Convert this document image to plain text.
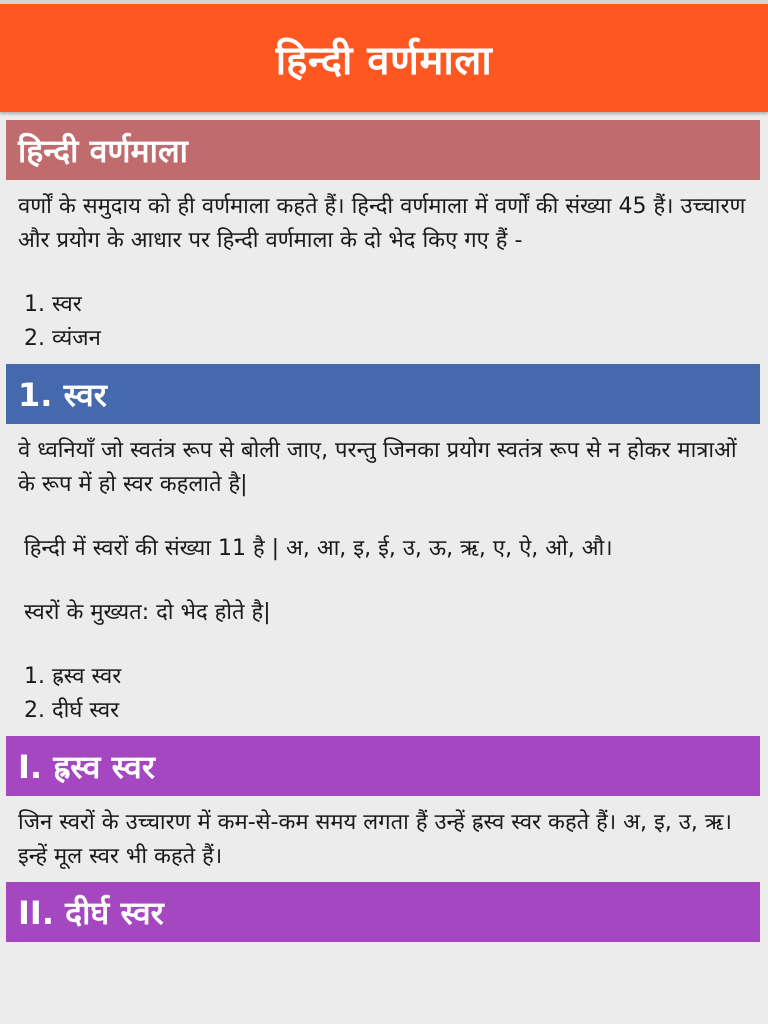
हिन्दी वर्णमाला
हिन्दी वर्णमाला

वर्णों के समुदाय को ही वर्णमाला कहते हैं। हिन्दी वर्णमाला में वर्णों की संख्या 45 हैं। उच्चारण और प्रयोग के आधार पर हिन्दी वर्णमाला के दो भेद किए गए हैं -

1. स्वर

2. व्यंजन

1. स्वर

वे ध्वनियाँ जो स्वतंत्र रूप से बोली जाए, परन्तु जिनका प्रयोग स्वतंत्र रूप से न होकर मात्राओं के रूप में हो स्वर कहलाते है|

हिन्दी में स्वरों की संख्या 11 है | अ, आ, इ, ई, उ, ऊ, ऋ, ए, ऐ, ओ, औ।

स्वरों के मुख्यत: दो भेद होते है|

1. ह्रस्व स्वर

2. दीर्घ स्वर

I. ह्रस्व स्वर

जिन स्वरों के उच्चारण में कम-से-कम समय लगता हैं उन्हें ह्रस्व स्वर कहते हैं। अ, इ, उ, ऋ। इन्हें मूल स्वर भी कहते हैं।

II. दीर्घ स्वर
